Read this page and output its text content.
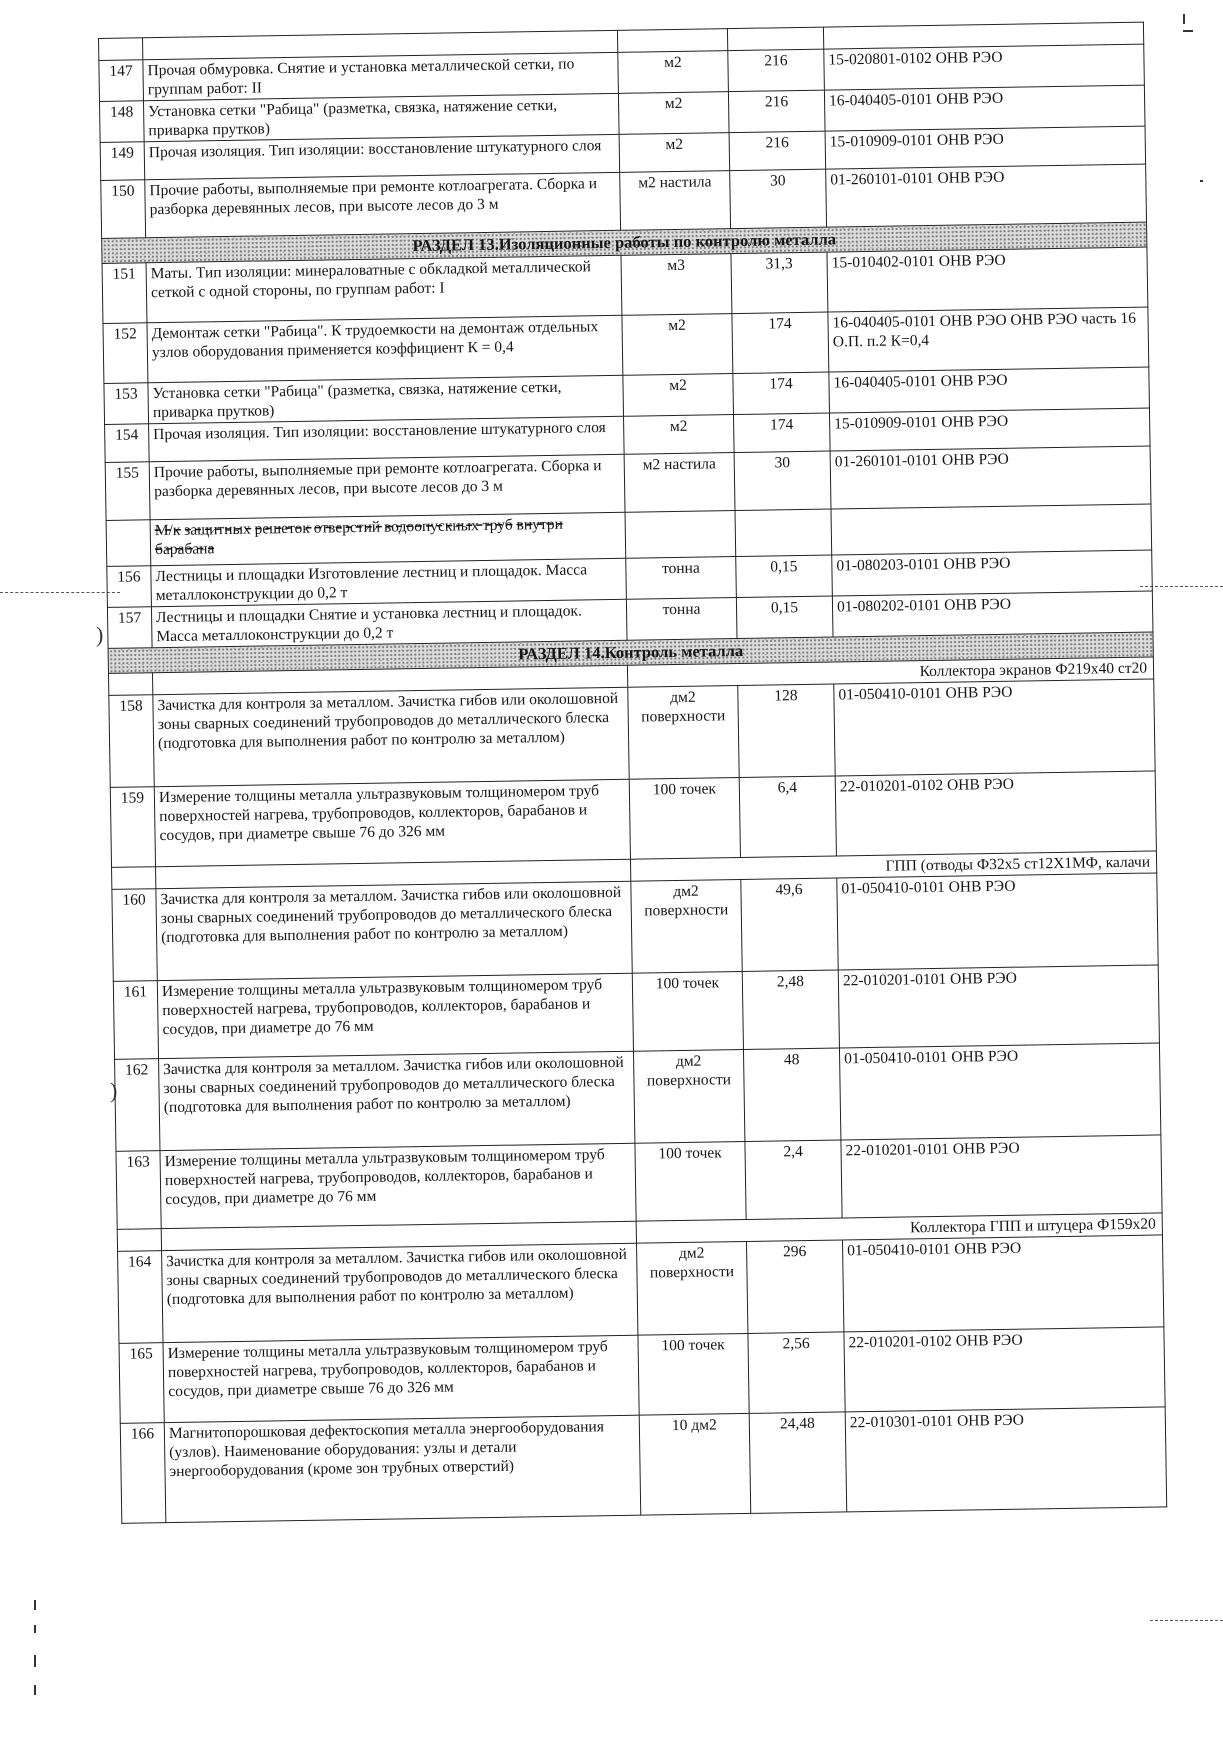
)
)

147	Прочая обмуровка. Снятие и установка металлической сетки, по группам работ: II	м2	216	15-020801-0102 ОНВ РЭО
148	Установка сетки "Рабица" (разметка, связка, натяжение сетки, приварка прутков)	м2	216	16-040405-0101 ОНВ РЭО
149	Прочая изоляция. Тип изоляции: восстановление штукатурного слоя	м2	216	15-010909-0101 ОНВ РЭО
150	Прочие работы, выполняемые при ремонте котлоагрегата. Сборка и разборка деревянных лесов, при высоте лесов до 3 м	м2 настила	30	01-260101-0101 ОНВ РЭО
РАЗДЕЛ 13.Изоляционные работы по контролю металла				
151	Маты. Тип изоляции: минераловатные с обкладкой металлической сеткой с одной стороны, по группам работ: I	м3	31,3	15-010402-0101 ОНВ РЭО
152	Демонтаж сетки "Рабица". К трудоемкости на демонтаж отдельных узлов оборудования применяется коэффициент К = 0,4	м2	174	16-040405-0101 ОНВ РЭО ОНВ РЭО часть 16 О.П. п.2 К=0,4
153	Установка сетки "Рабица" (разметка, связка, натяжение сетки, приварка прутков)	м2	174	16-040405-0101 ОНВ РЭО
154	Прочая изоляция. Тип изоляции: восстановление штукатурного слоя	м2	174	15-010909-0101 ОНВ РЭО
155	Прочие работы, выполняемые при ремонте котлоагрегата. Сборка и разборка деревянных лесов, при высоте лесов до 3 м	м2 настила	30	01-260101-0101 ОНВ РЭО
	М/к защитных решеток отверстий водоопускных труб внутри барабана			
156	Лестницы и площадки Изготовление лестниц и площадок. Масса металлоконструкции до 0,2 т	тонна	0,15	01-080203-0101 ОНВ РЭО
157	Лестницы и площадки Снятие и установка лестниц и площадок. Масса металлоконструкции до 0,2 т	тонна	0,15	01-080202-0101 ОНВ РЭО
РАЗДЕЛ 14.Контроль металла				
		Коллектора экранов Ф219х40 ст20		
158	Зачистка для контроля за металлом. Зачистка гибов или околошовной зоны сварных соединений трубопроводов до металлического блеска (подготовка для выполнения работ по контролю за металлом)	дм2 поверхности	128	01-050410-0101 ОНВ РЭО
159	Измерение толщины металла ультразвуковым толщиномером труб поверхностей нагрева, трубопроводов, коллекторов, барабанов и сосудов, при диаметре свыше 76 до 326 мм	100 точек	6,4	22-010201-0102 ОНВ РЭО
		ГПП (отводы Ф32х5 ст12Х1МФ, калачи		
160	Зачистка для контроля за металлом. Зачистка гибов или околошовной зоны сварных соединений трубопроводов до металлического блеска (подготовка для выполнения работ по контролю за металлом)	дм2 поверхности	49,6	01-050410-0101 ОНВ РЭО
161	Измерение толщины металла ультразвуковым толщиномером труб поверхностей нагрева, трубопроводов, коллекторов, барабанов и сосудов, при диаметре до 76 мм	100 точек	2,48	22-010201-0101 ОНВ РЭО
162	Зачистка для контроля за металлом. Зачистка гибов или околошовной зоны сварных соединений трубопроводов до металлического блеска (подготовка для выполнения работ по контролю за металлом)	дм2 поверхности	48	01-050410-0101 ОНВ РЭО
163	Измерение толщины металла ультразвуковым толщиномером труб поверхностей нагрева, трубопроводов, коллекторов, барабанов и сосудов, при диаметре до 76 мм	100 точек	2,4	22-010201-0101 ОНВ РЭО
		Коллектора ГПП и штуцера Ф159х20		
164	Зачистка для контроля за металлом. Зачистка гибов или околошовной зоны сварных соединений трубопроводов до металлического блеска (подготовка для выполнения работ по контролю за металлом)	дм2 поверхности	296	01-050410-0101 ОНВ РЭО
165	Измерение толщины металла ультразвуковым толщиномером труб поверхностей нагрева, трубопроводов, коллекторов, барабанов и сосудов, при диаметре свыше 76 до 326 мм	100 точек	2,56	22-010201-0102 ОНВ РЭО
166	Магнитопорошковая дефектоскопия металла энергооборудования (узлов). Наименование оборудования: узлы и детали энергооборудования (кроме зон трубных отверстий)	10 дм2	24,48	22-010301-0101 ОНВ РЭО
